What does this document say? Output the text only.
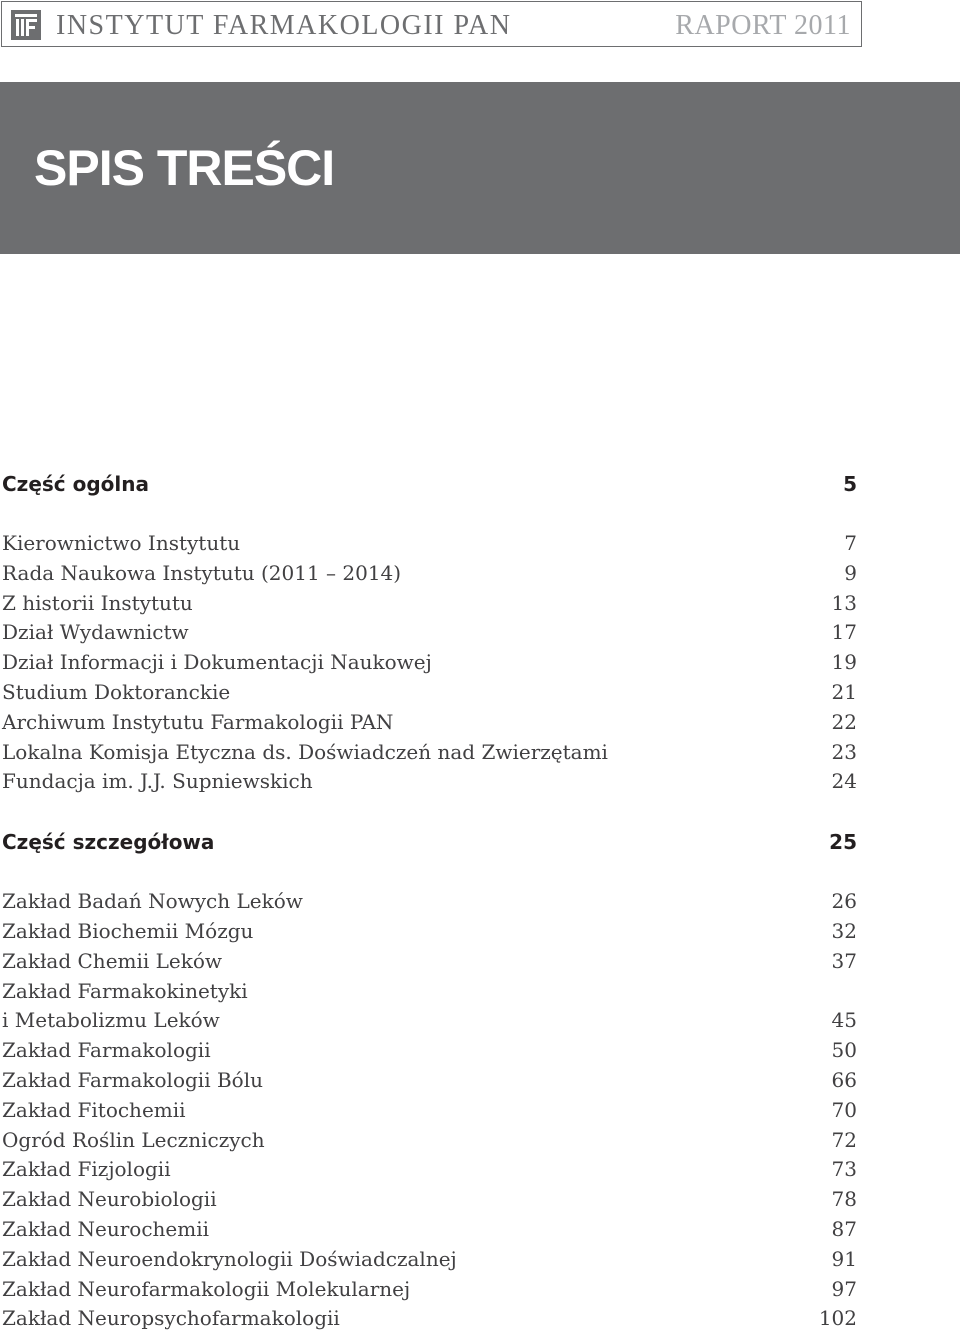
INSTYTUT FARMAKOLOGII PAN	RAPORT 2011
SPIS TREŚCI
Część ogólna	5
Kierownictwo Instytutu	7
Rada Naukowa Instytutu (2011 – 2014)	9
Z historii Instytutu	13
Dział Wydawnictw	17
Dział Informacji i Dokumentacji Naukowej	19
Studium Doktoranckie	21
Archiwum Instytutu Farmakologii PAN	22
Lokalna Komisja Etyczna ds. Doświadczeń nad Zwierzętami	23
Fundacja im. J.J. Supniewskich	24
Część szczegółowa	25
Zakład Badań Nowych Leków	26
Zakład Biochemii Mózgu	32
Zakład Chemii Leków	37
Zakład Farmakokinetyki
i Metabolizmu Leków	45
Zakład Farmakologii	50
Zakład Farmakologii Bólu	66
Zakład Fitochemii	70
Ogród Roślin Leczniczych	72
Zakład Fizjologii	73
Zakład Neurobiologii	78
Zakład Neurochemii	87
Zakład Neuroendokrynologii Doświadczalnej	91
Zakład Neurofarmakologii Molekularnej	97
Zakład Neuropsychofarmakologii	102
